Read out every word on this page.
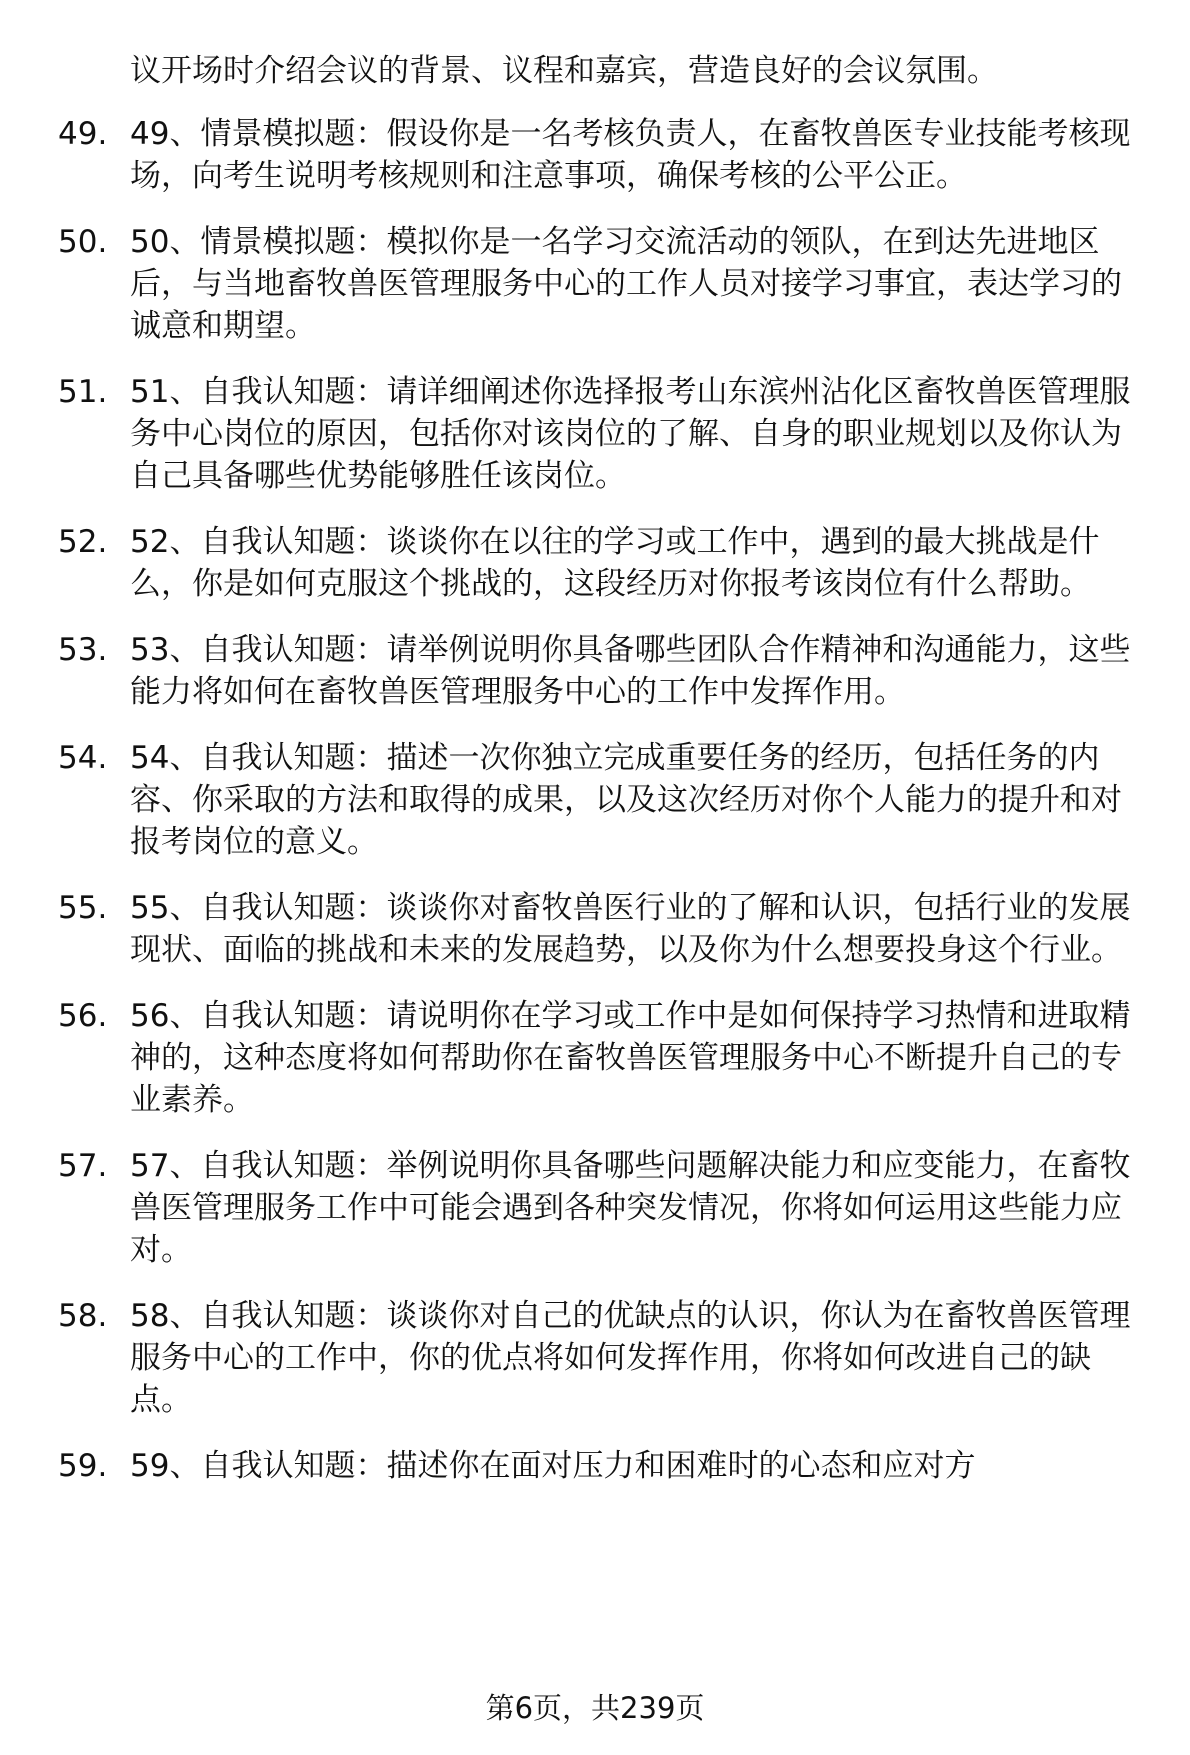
议开场时介绍会议的背景、议程和嘉宾，营造良好的会议氛围。

49. 49、情景模拟题：假设你是一名考核负责人，在畜牧兽医专业技能考核现场，向考生说明考核规则和注意事项，确保考核的公平公正。
50. 50、情景模拟题：模拟你是一名学习交流活动的领队，在到达先进地区后，与当地畜牧兽医管理服务中心的工作人员对接学习事宜，表达学习的诚意和期望。
51. 51、自我认知题：请详细阐述你选择报考山东滨州沾化区畜牧兽医管理服务中心岗位的原因，包括你对该岗位的了解、自身的职业规划以及你认为自己具备哪些优势能够胜任该岗位。
52. 52、自我认知题：谈谈你在以往的学习或工作中，遇到的最大挑战是什么，你是如何克服这个挑战的，这段经历对你报考该岗位有什么帮助。
53. 53、自我认知题：请举例说明你具备哪些团队合作精神和沟通能力，这些能力将如何在畜牧兽医管理服务中心的工作中发挥作用。
54. 54、自我认知题：描述一次你独立完成重要任务的经历，包括任务的内容、你采取的方法和取得的成果，以及这次经历对你个人能力的提升和对报考岗位的意义。
55. 55、自我认知题：谈谈你对畜牧兽医行业的了解和认识，包括行业的发展现状、面临的挑战和未来的发展趋势，以及你为什么想要投身这个行业。
56. 56、自我认知题：请说明你在学习或工作中是如何保持学习热情和进取精神的，这种态度将如何帮助你在畜牧兽医管理服务中心不断提升自己的专业素养。
57. 57、自我认知题：举例说明你具备哪些问题解决能力和应变能力，在畜牧兽医管理服务工作中可能会遇到各种突发情况，你将如何运用这些能力应对。
58. 58、自我认知题：谈谈你对自己的优缺点的认识，你认为在畜牧兽医管理服务中心的工作中，你的优点将如何发挥作用，你将如何改进自己的缺点。
59. 59、自我认知题：描述你在面对压力和困难时的心态和应对方
第6页，共239页
